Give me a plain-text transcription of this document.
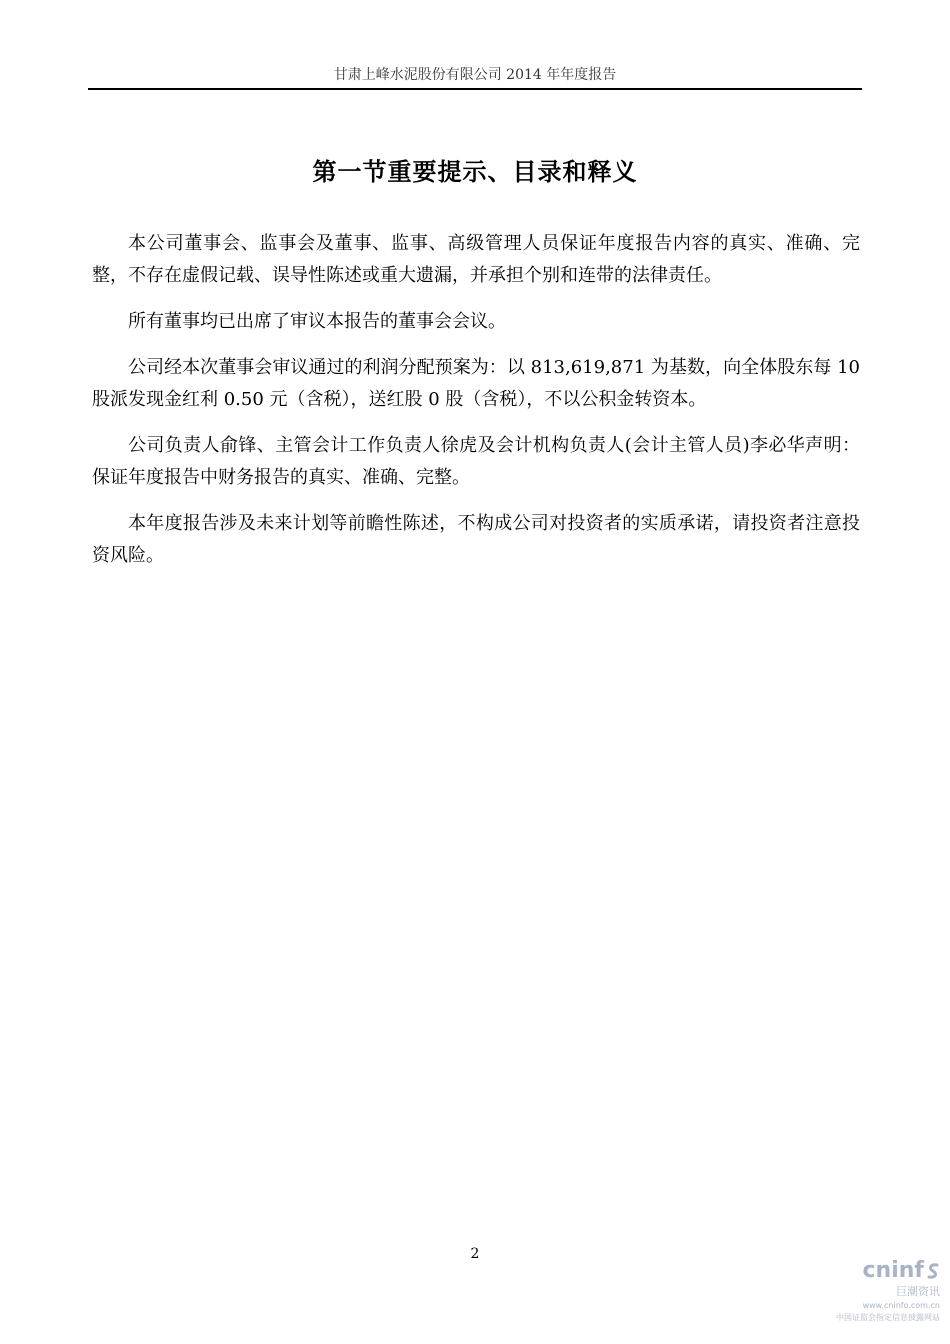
甘肃上峰水泥股份有限公司 2014 年年度报告
第一节重要提示、目录和释义

本公司董事会、监事会及董事、监事、高级管理人员保证年度报告内容的真实、准确、完整，不存在虚假记载、误导性陈述或重大遗漏，并承担个别和连带的法律责任。

所有董事均已出席了审议本报告的董事会会议。

公司经本次董事会审议通过的利润分配预案为：以 813,619,871 为基数，向全体股东每 10 股派发现金红利 0.50 元（含税），送红股 0 股（含税），不以公积金转资本。

公司负责人俞锋、主管会计工作负责人徐虎及会计机构负责人(会计主管人员)李必华声明：保证年度报告中财务报告的真实、准确、完整。

本年度报告涉及未来计划等前瞻性陈述，不构成公司对投资者的实质承诺，请投资者注意投资风险。

2
cninf
巨潮资讯
www.cninfo.com.cn
中国证监会指定信息披露网站
